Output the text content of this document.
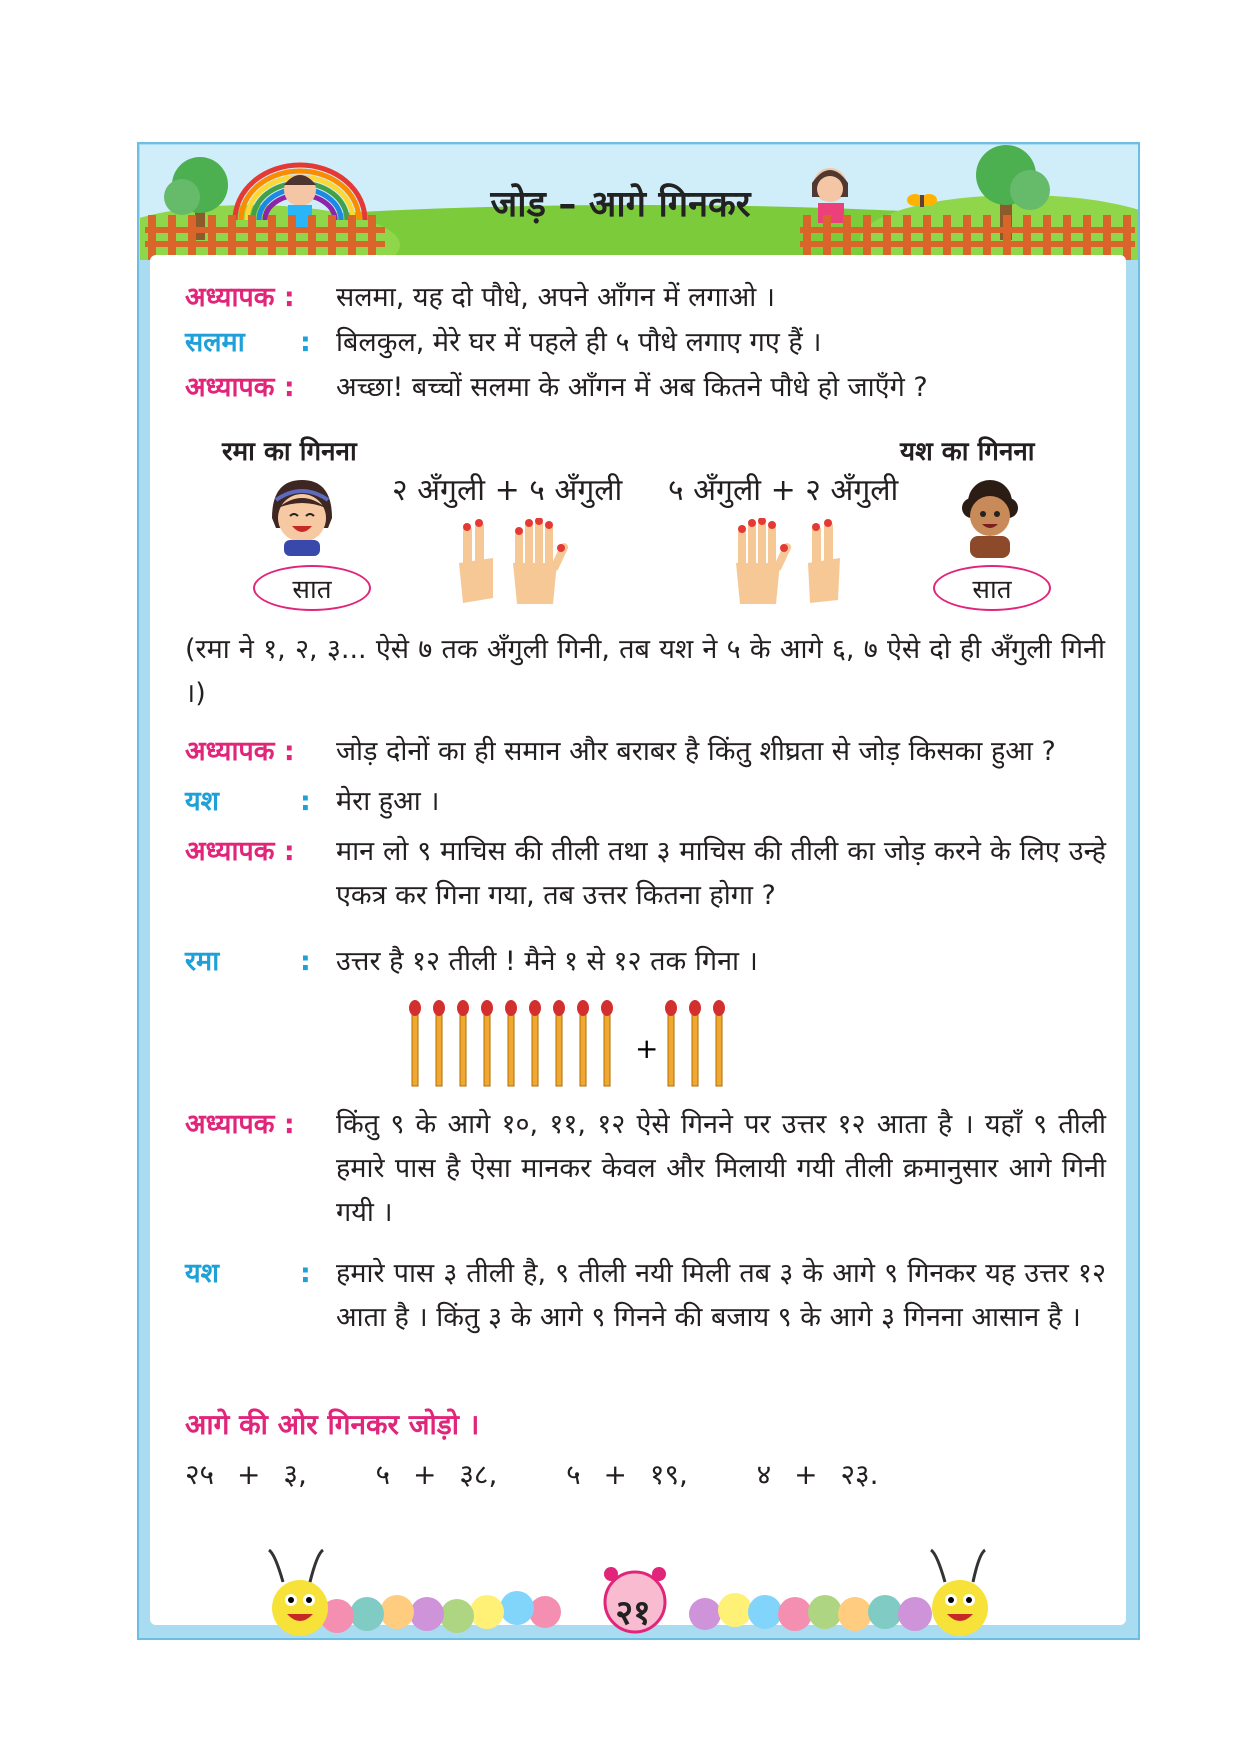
जोड़ – आगे गिनकर
अध्यापक : सलमा, यह दो पौधे, अपने आँगन में लगाओ ।
सलमा : बिलकुल, मेरे घर में पहले ही ५ पौधे लगाए गए हैं ।
अध्यापक : अच्छा! बच्चों सलमा के आँगन में अब कितने पौधे हो जाएँगे ?
रमा का गिनना	यश का गिनना
२ अँगुली + ५ अँगुली ५ अँगुली + २ अँगुली
सात	सात
(रमा ने १, २, ३... ऐसे ७ तक अँगुली गिनी, तब यश ने ५ के आगे ६, ७ ऐसे दो ही अँगुली गिनी ।)
अध्यापक : जोड़ दोनों का ही समान और बराबर है किंतु शीघ्रता से जोड़ किसका हुआ ?
यश	: मेरा हुआ ।
अध्यापक : मान लो ९ माचिस की तीली तथा ३ माचिस की तीली का जोड़ करने के लिए उन्हे एकत्र कर गिना गया, तब उत्तर कितना होगा ?
रमा	: उत्तर है १२ तीली ! मैने १ से १२ तक गिना ।
+
अध्यापक : किंतु ९ के आगे १०, ११, १२ ऐसे गिनने पर उत्तर १२ आता है । यहाँ ९ तीली हमारे पास है ऐसा मानकर केवल और मिलायी गयी तीली क्रमानुसार आगे गिनी गयी ।
यश	: हमारे पास ३ तीली है, ९ तीली नयी मिली तब ३ के आगे ९ गिनकर यह उत्तर १२ आता है । किंतु ३ के आगे ९ गिनने की बजाय ९ के आगे ३ गिनना आसान है ।
आगे की ओर गिनकर जोड़ो ।
२५ + ३,   ५ + ३८,   ५ + १९,   ४ + २३.
२१
